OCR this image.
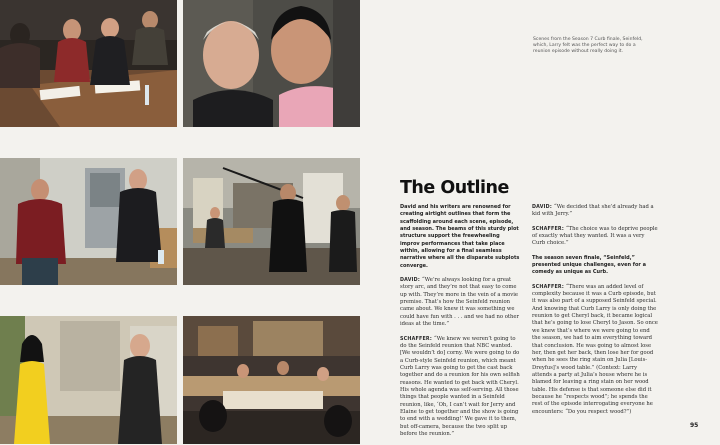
Scenes from the Season 7 Curb finale, Seinfeld, which, Larry felt was the perfect way to do a reunion episode without really doing it.
The Outline

David and his writers are renowned for creating airtight outlines that form the scaffolding around each scene, episode, and season. The beams of this sturdy plot structure support the freewheeling improv performances that take place within, allowing for a final seamless narrative where all the disparate subplots converge.

DAVID: “We’re always looking for a great story arc, and they’re not that easy to come up with. They’re more in the vein of a movie premise. That’s how the Seinfeld reunion came about. We knew it was something we could have fun with . . . and we had no other ideas at the time.”

SCHAFFER: “We knew we weren’t going to do the Seinfeld reunion that NBC wanted. [We wouldn’t do] corny. We were going to do a Curb-style Seinfeld reunion, which meant Curb Larry was going to get the cast back together and do a reunion for his own selfish reasons. He wanted to get back with Cheryl. His whole agenda was self-serving. All those things that people wanted in a Seinfeld reunion, like, ‘Oh, I can’t wait for Jerry and Elaine to get together and the show is going to end with a wedding!’ We gave it to them, but off-camera, because the two split up before the reunion.”

DAVID: “We decided that she’d already had a kid with Jerry.”

SCHAFFER: “The choice was to deprive people of exactly what they wanted. It was a very Curb choice.”

The season seven finale, “Seinfeld,” presented unique challenges, even for a comedy as unique as Curb.

SCHAFFER: “There was an added level of complexity because it was a Curb episode, but it was also part of a supposed Seinfeld special. And knowing that Curb Larry is only doing the reunion to get Cheryl back, it became logical that he’s going to lose Cheryl to Jason. So once we knew that’s where we were going to end the season, we had to aim everything toward that conclusion. He was going to almost lose her, then get her back, then lose her for good when he sees the ring stain on Julia [Louis-Dreyfus]’s wood table.” (Context: Larry attends a party at Julia’s house where he is blamed for leaving a ring stain on her wood table. His defense is that someone else did it because he “respects wood”; he spends the rest of the episode interrogating everyone he encounters: “Do you respect wood?”)

95
